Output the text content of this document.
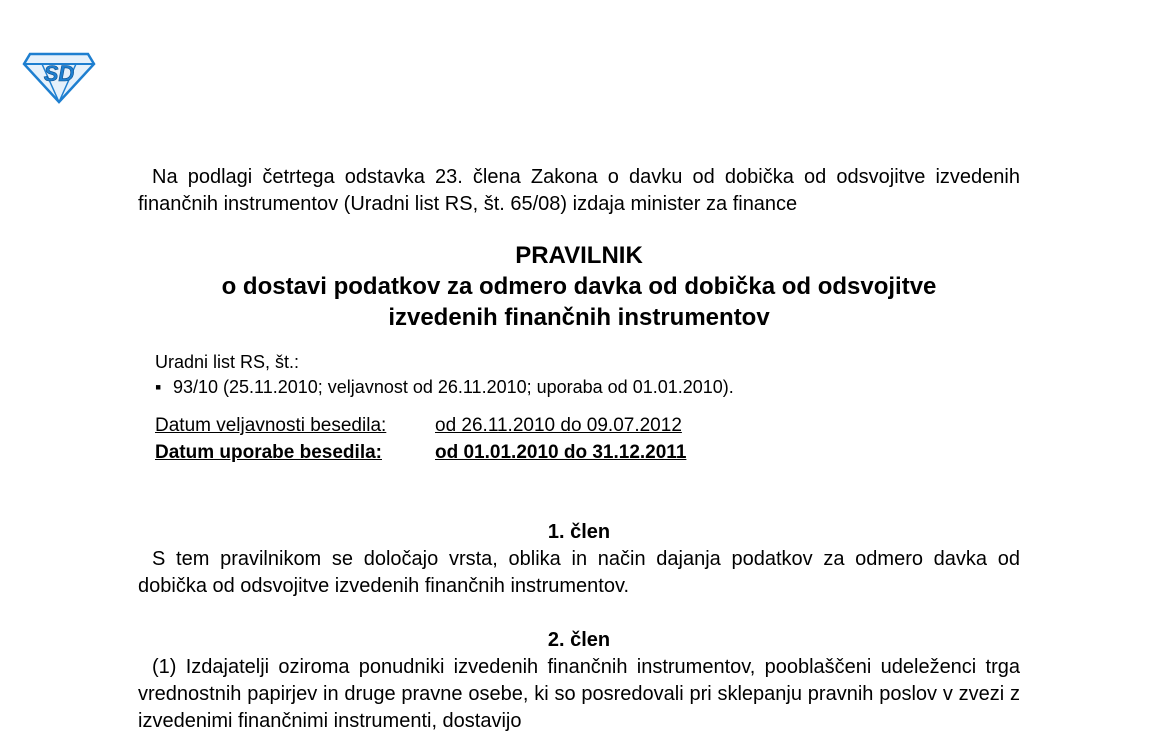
SD

Na podlagi četrtega odstavka 23. člena Zakona o davku od dobička od odsvojitve izvedenih finančnih instrumentov (Uradni list RS, št. 65/08) izdaja minister za finance

PRAVILNIK

o dostavi podatkov za odmero davka od dobička od odsvojitve

izvedenih finančnih instrumentov

Uradni list RS, št.:
▪ 93/10 (25.11.2010; veljavnost od 26.11.2010; uporaba od 01.01.2010).
Datum veljavnosti besedila:	od 26.11.2010 do 09.07.2012
Datum uporabe besedila:	od 01.01.2010 do 31.12.2011

1. člen

S tem pravilnikom se določajo vrsta, oblika in način dajanja podatkov za odmero davka od dobička od odsvojitve izvedenih finančnih instrumentov.

2. člen

(1) Izdajatelji oziroma ponudniki izvedenih finančnih instrumentov, pooblaščeni udeleženci trga vrednostnih papirjev in druge pravne osebe, ki so posredovali pri sklepanju pravnih poslov v zvezi z izvedenimi finančnimi instrumenti, dostavijo
